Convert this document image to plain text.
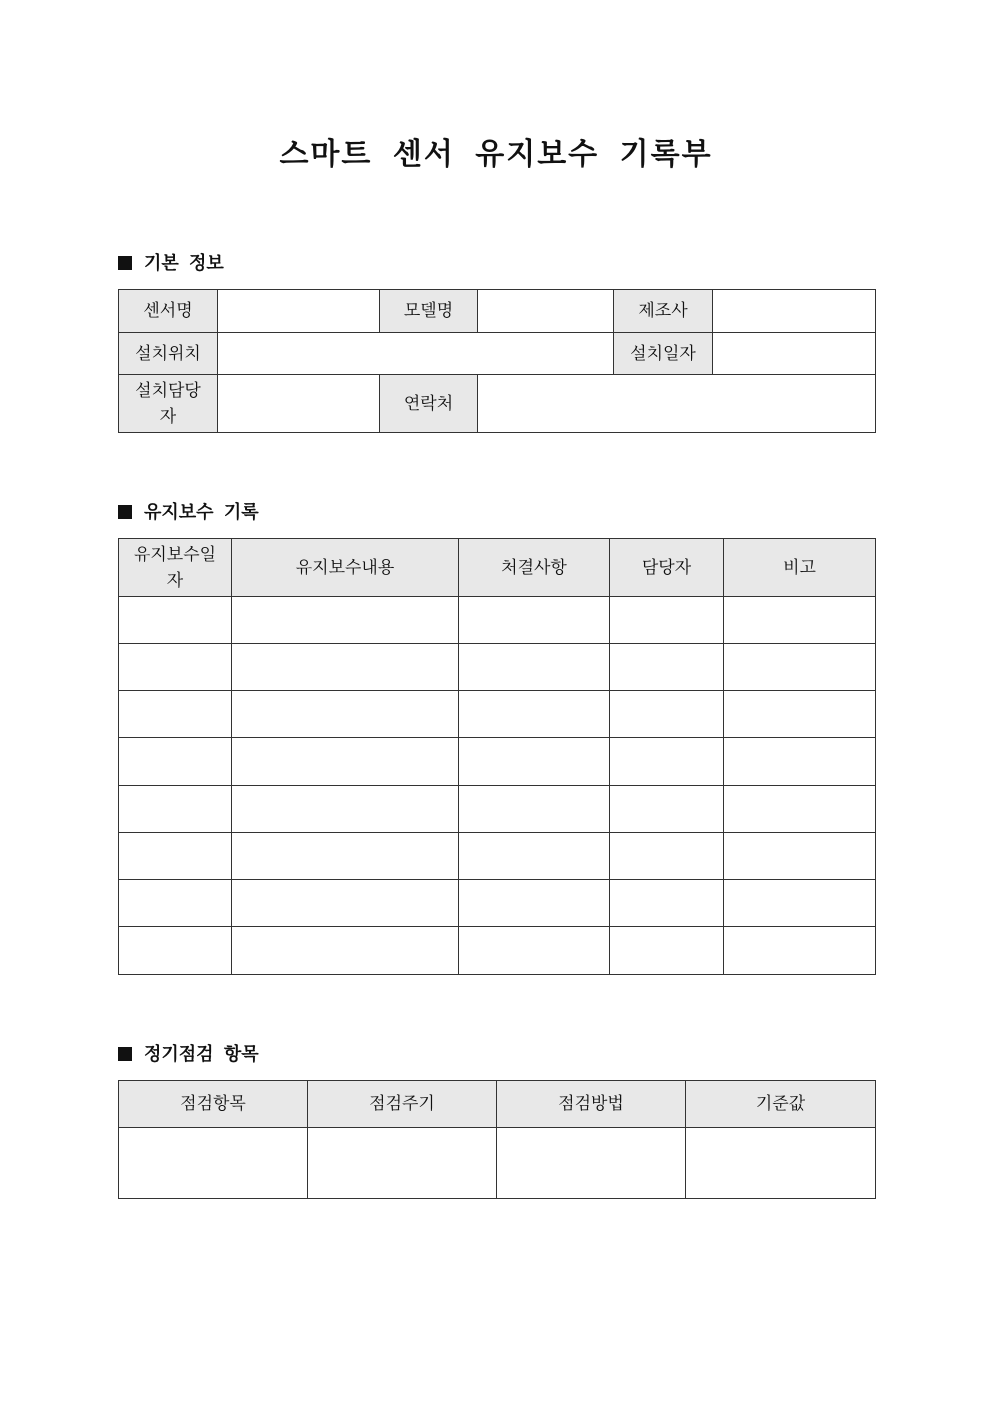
스마트 센서 유지보수 기록부
기본 정보
센서명		모델명		제조사	
설치위치				설치일자	
설치담당자		연락처			
유지보수 기록
유지보수일자	유지보수내용	처결사항	담당자	비고

정기점검 항목
점검항목	점검주기	점검방법	기준값
